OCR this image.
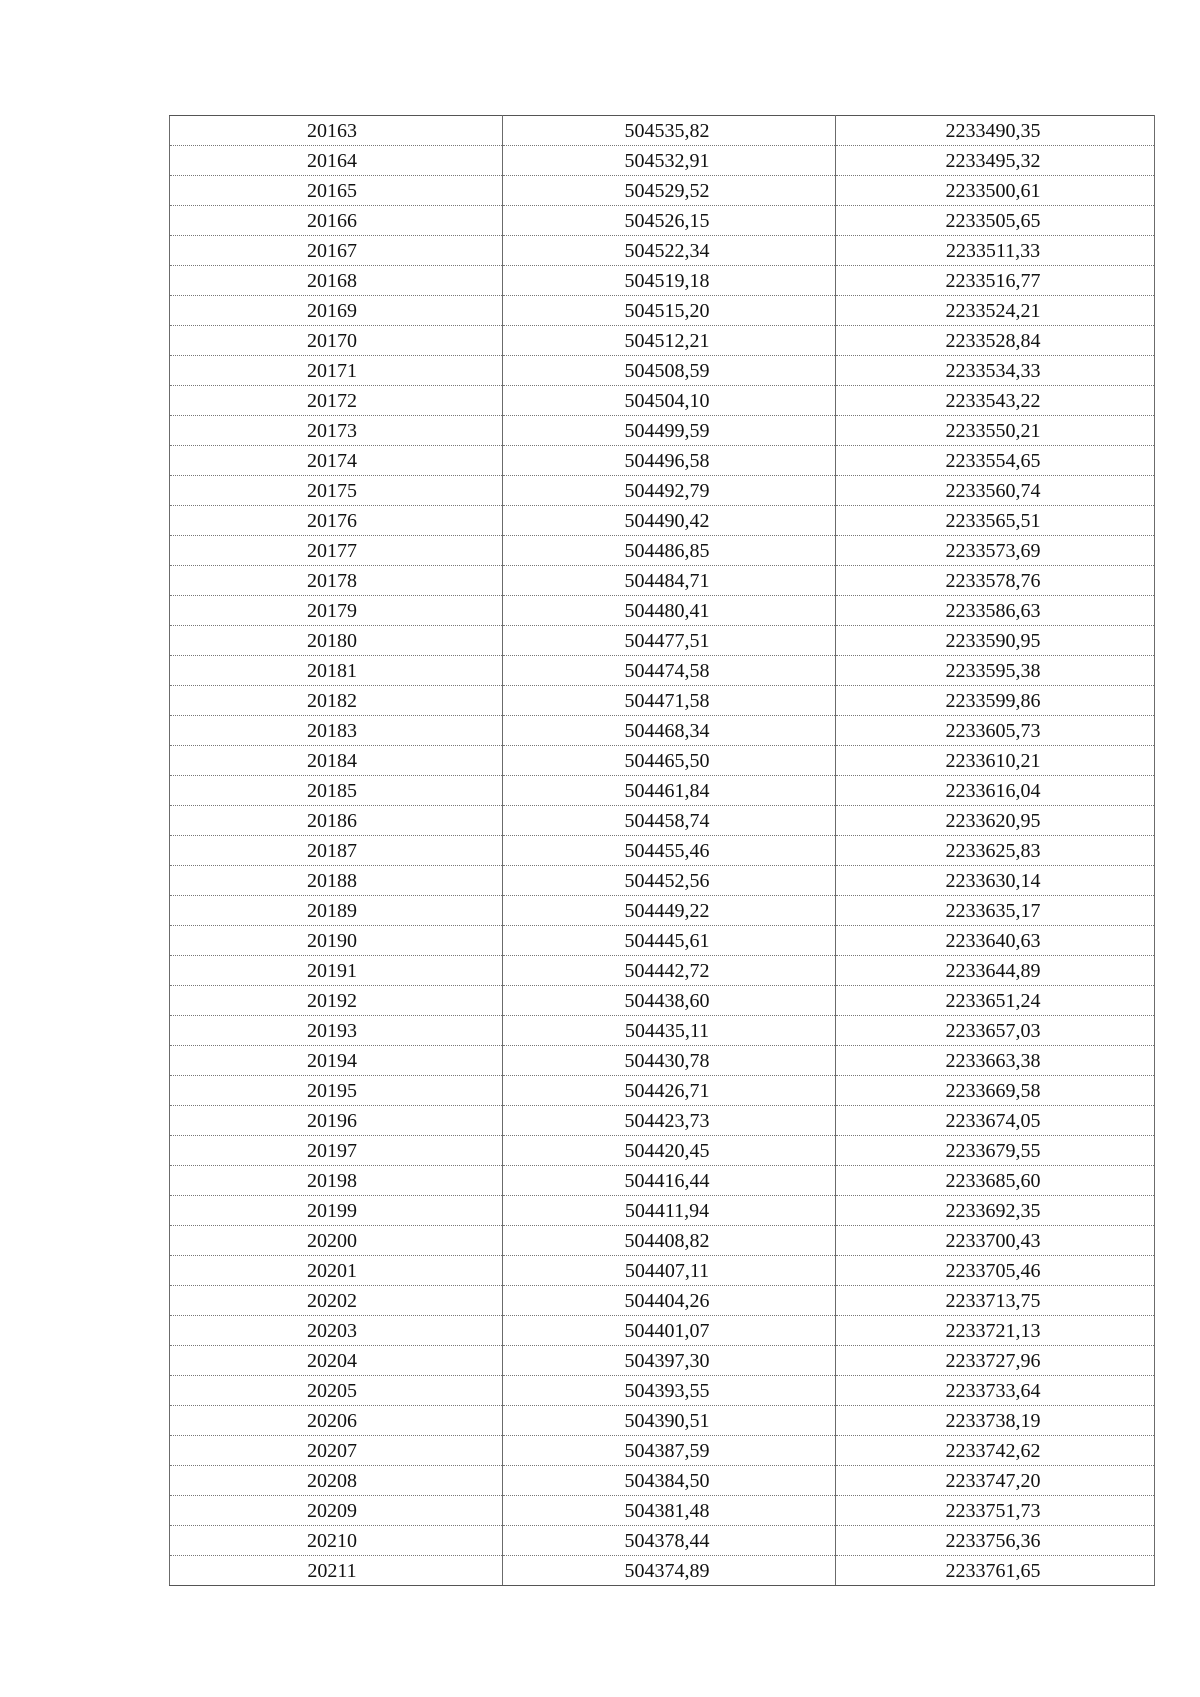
20163	504535,82	2233490,35
20164	504532,91	2233495,32
20165	504529,52	2233500,61
20166	504526,15	2233505,65
20167	504522,34	2233511,33
20168	504519,18	2233516,77
20169	504515,20	2233524,21
20170	504512,21	2233528,84
20171	504508,59	2233534,33
20172	504504,10	2233543,22
20173	504499,59	2233550,21
20174	504496,58	2233554,65
20175	504492,79	2233560,74
20176	504490,42	2233565,51
20177	504486,85	2233573,69
20178	504484,71	2233578,76
20179	504480,41	2233586,63
20180	504477,51	2233590,95
20181	504474,58	2233595,38
20182	504471,58	2233599,86
20183	504468,34	2233605,73
20184	504465,50	2233610,21
20185	504461,84	2233616,04
20186	504458,74	2233620,95
20187	504455,46	2233625,83
20188	504452,56	2233630,14
20189	504449,22	2233635,17
20190	504445,61	2233640,63
20191	504442,72	2233644,89
20192	504438,60	2233651,24
20193	504435,11	2233657,03
20194	504430,78	2233663,38
20195	504426,71	2233669,58
20196	504423,73	2233674,05
20197	504420,45	2233679,55
20198	504416,44	2233685,60
20199	504411,94	2233692,35
20200	504408,82	2233700,43
20201	504407,11	2233705,46
20202	504404,26	2233713,75
20203	504401,07	2233721,13
20204	504397,30	2233727,96
20205	504393,55	2233733,64
20206	504390,51	2233738,19
20207	504387,59	2233742,62
20208	504384,50	2233747,20
20209	504381,48	2233751,73
20210	504378,44	2233756,36
20211	504374,89	2233761,65
